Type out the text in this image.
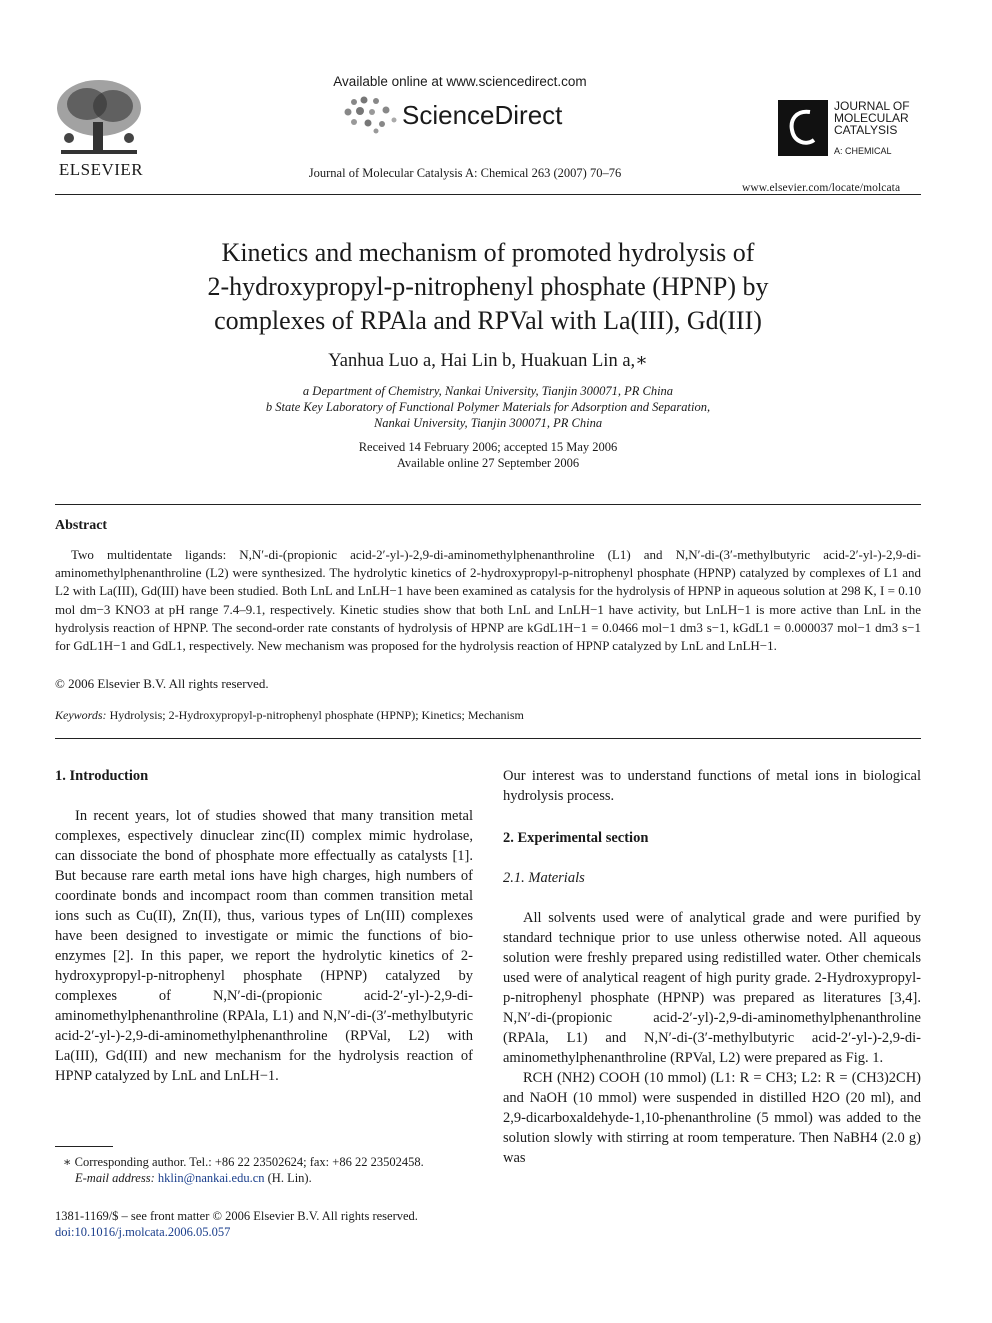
ELSEVIER
Available online at www.sciencedirect.com
ScienceDirect
Journal of Molecular Catalysis A: Chemical 263 (2007) 70–76
JOURNAL OF
MOLECULAR
CATALYSIS
A: CHEMICAL
www.elsevier.com/locate/molcata
Kinetics and mechanism of promoted hydrolysis of
2-hydroxypropyl-p-nitrophenyl phosphate (HPNP) by
complexes of RPAla and RPVal with La(III), Gd(III)
Yanhua Luo a, Hai Lin b, Huakuan Lin a,∗
a Department of Chemistry, Nankai University, Tianjin 300071, PR China
b State Key Laboratory of Functional Polymer Materials for Adsorption and Separation,
Nankai University, Tianjin 300071, PR China
Received 14 February 2006; accepted 15 May 2006
Available online 27 September 2006
Abstract

Two multidentate ligands: N,N′-di-(propionic acid-2′-yl-)-2,9-di-aminomethylphenanthroline (L1) and N,N′-di-(3′-methylbutyric acid-2′-yl-)-2,9-di-aminomethylphenanthroline (L2) were synthesized. The hydrolytic kinetics of 2-hydroxypropyl-p-nitrophenyl phosphate (HPNP) catalyzed by complexes of L1 and L2 with La(III), Gd(III) have been studied. Both LnL and LnLH−1 have been examined as catalysis for the hydrolysis of HPNP in aqueous solution at 298 K, I = 0.10 mol dm−3 KNO3 at pH range 7.4–9.1, respectively. Kinetic studies show that both LnL and LnLH−1 have activity, but LnLH−1 is more active than LnL in the hydrolysis reaction of HPNP. The second-order rate constants of hydrolysis of HPNP are kGdL1H−1 = 0.0466 mol−1 dm3 s−1, kGdL1 = 0.000037 mol−1 dm3 s−1 for GdL1H−1 and GdL1, respectively. New mechanism was proposed for the hydrolysis reaction of HPNP catalyzed by LnL and LnLH−1.

© 2006 Elsevier B.V. All rights reserved.
Keywords: Hydrolysis; 2-Hydroxypropyl-p-nitrophenyl phosphate (HPNP); Kinetics; Mechanism
1. Introduction

In recent years, lot of studies showed that many transition metal complexes, espectively dinuclear zinc(II) complex mimic hydrolase, can dissociate the bond of phosphate more effectually as catalysts [1]. But because rare earth metal ions have high charges, high numbers of coordinate bonds and incompact room than commen transition metal ions such as Cu(II), Zn(II), thus, various types of Ln(III) complexes have been designed to investigate or mimic the functions of bio-enzymes [2]. In this paper, we report the hydrolytic kinetics of 2-hydroxypropyl-p-nitrophenyl phosphate (HPNP) catalyzed by complexes of N,N′-di-(propionic acid-2′-yl-)-2,9-di-aminomethylphenanthroline (RPAla, L1) and N,N′-di-(3′-methylbutyric acid-2′-yl-)-2,9-di-aminomethylphenanthroline (RPVal, L2) with La(III), Gd(III) and new mechanism for the hydrolysis reaction of HPNP catalyzed by LnL and LnLH−1.

∗ Corresponding author. Tel.: +86 22 23502624; fax: +86 22 23502458.
E-mail address: hklin@nankai.edu.cn (H. Lin).
1381-1169/$ – see front matter © 2006 Elsevier B.V. All rights reserved.
doi:10.1016/j.molcata.2006.05.057

Our interest was to understand functions of metal ions in biological hydrolysis process.

2. Experimental section
2.1. Materials

All solvents used were of analytical grade and were purified by standard technique prior to use unless otherwise noted. All aqueous solution were freshly prepared using redistilled water. Other chemicals used were of analytical reagent of high purity grade. 2-Hydroxypropyl-p-nitrophenyl phosphate (HPNP) was prepared as literatures [3,4]. N,N′-di-(propionic acid-2′-yl)-2,9-di-aminomethylphenanthroline (RPAla, L1) and N,N′-di-(3′-methylbutyric acid-2′-yl-)-2,9-di-aminomethylphenanthroline (RPVal, L2) were prepared as Fig. 1.

RCH (NH2) COOH (10 mmol) (L1: R = CH3; L2: R = (CH3)2CH) and NaOH (10 mmol) were suspended in distilled H2O (20 ml), and 2,9-dicarboxaldehyde-1,10-phenanthroline (5 mmol) was added to the solution slowly with stirring at room temperature. Then NaBH4 (2.0 g) was
